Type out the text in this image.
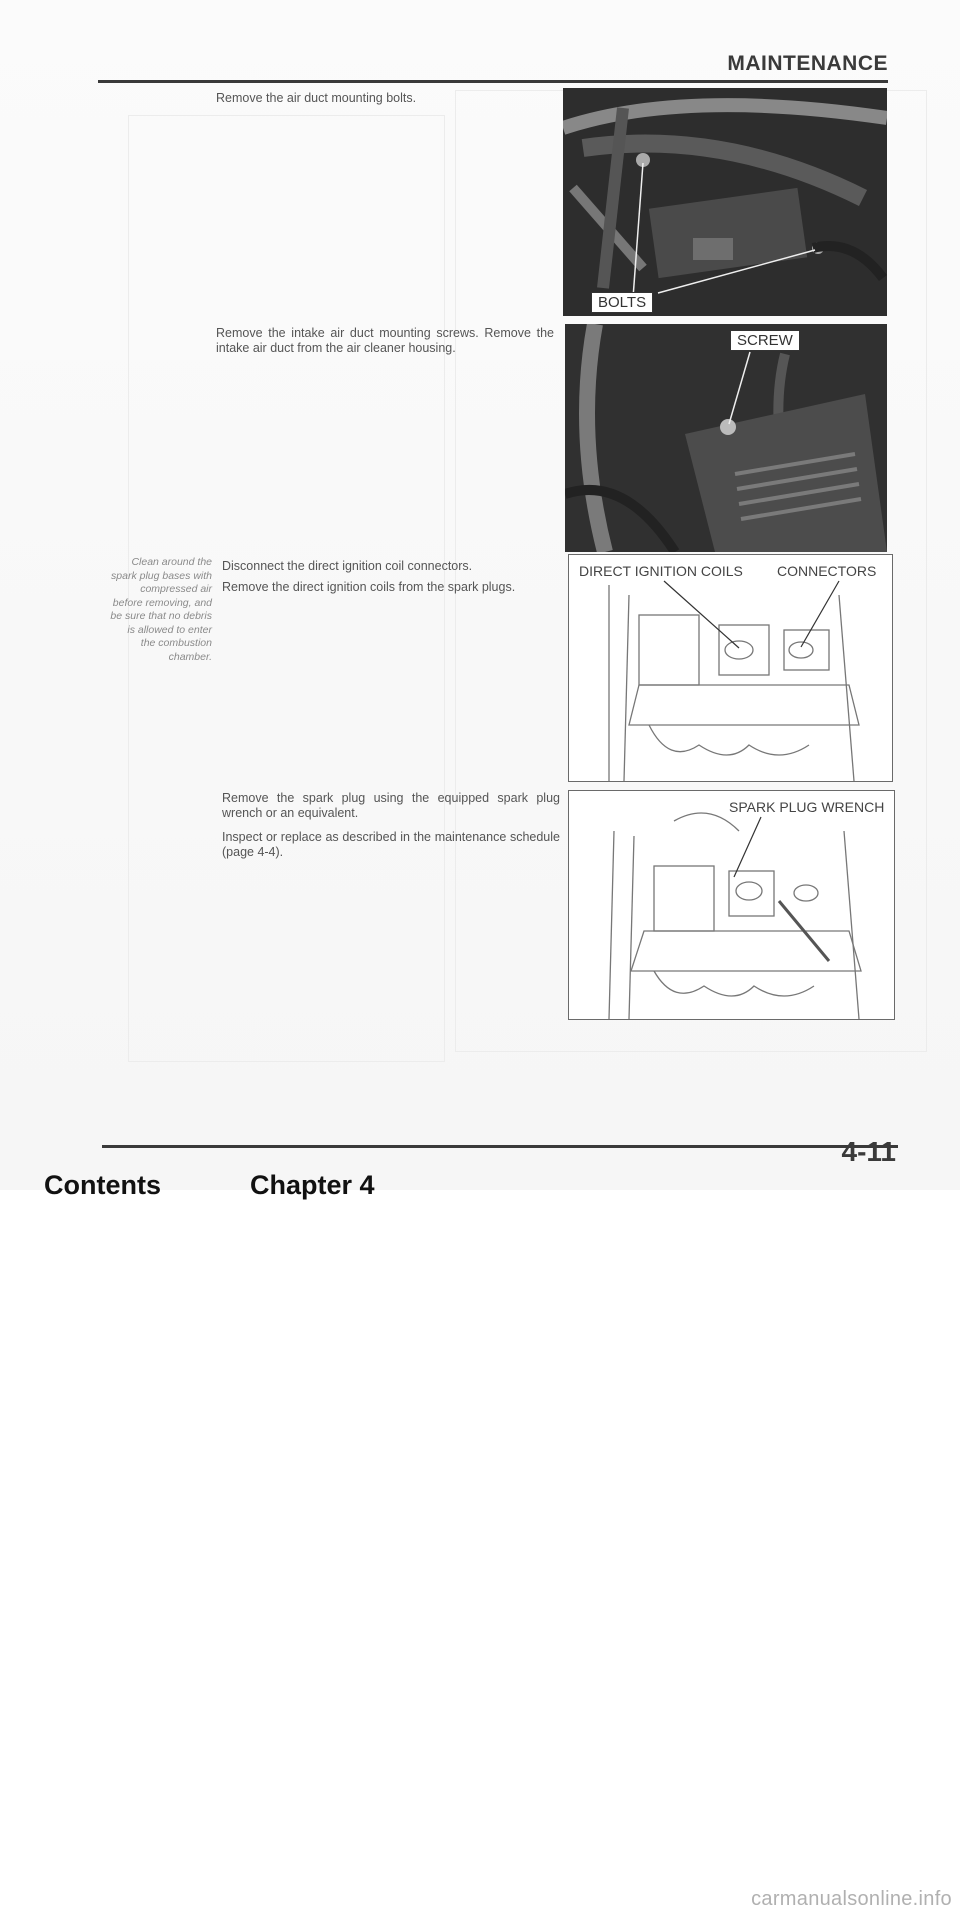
MAINTENANCE

Remove the air duct mounting bolts.

BOLTS

Remove the intake air duct mounting screws. Remove the intake air duct from the air cleaner housing.	SCREW

Clean around the spark plug bases with compressed air before removing, and be sure that no debris is allowed to enter the combustion chamber.

Disconnect the direct ignition coil connectors.

Remove the direct ignition coils from the spark plugs.

DIRECT IGNITION COILS CONNECTORS

Remove the spark plug using the equipped spark plug wrench or an equivalent.

Inspect or replace as described in the maintenance schedule (page 4-4).

SPARK PLUG WRENCH

4-11

Contents	Chapter 4

carmanualsonline.info
